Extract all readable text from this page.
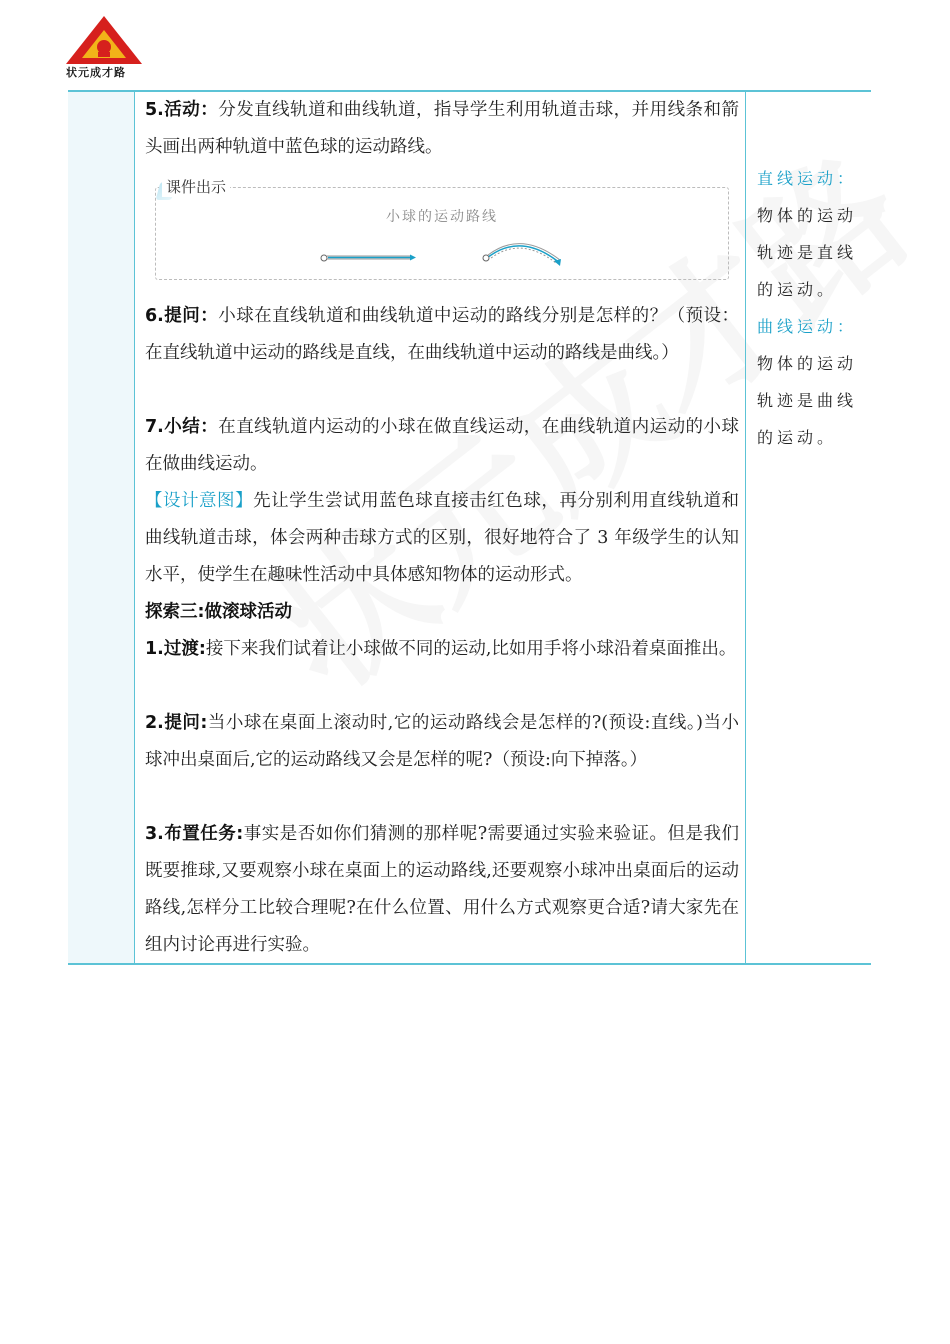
状元成才路
5.活动：分发直线轨道和曲线轨道，指导学生利用轨道击球，并用线条和箭头画出两种轨道中蓝色球的运动路线。
课件出示
小球的运动路线
6.提问：小球在直线轨道和曲线轨道中运动的路线分别是怎样的？（预设：在直线轨道中运动的路线是直线，在曲线轨道中运动的路线是曲线。）
7.小结：在直线轨道内运动的小球在做直线运动，在曲线轨道内运动的小球在做曲线运动。
【设计意图】先让学生尝试用蓝色球直接击红色球，再分别利用直线轨道和曲线轨道击球，体会两种击球方式的区别，很好地符合了 3 年级学生的认知水平，使学生在趣味性活动中具体感知物体的运动形式。
探索三:做滚球活动
1.过渡:接下来我们试着让小球做不同的运动,比如用手将小球沿着桌面推出。
2.提问:当小球在桌面上滚动时,它的运动路线会是怎样的?(预设:直线。)当小球冲出桌面后,它的运动路线又会是怎样的呢?（预设:向下掉落。）
3.布置任务:事实是否如你们猜测的那样呢?需要通过实验来验证。但是我们既要推球,又要观察小球在桌面上的运动路线,还要观察小球冲出桌面后的运动路线,怎样分工比较合理呢?在什么位置、用什么方式观察更合适?请大家先在组内讨论再进行实验。
直线运动：
物体的运动轨迹是直线的运动。
曲线运动：
物体的运动轨迹是曲线的运动。
